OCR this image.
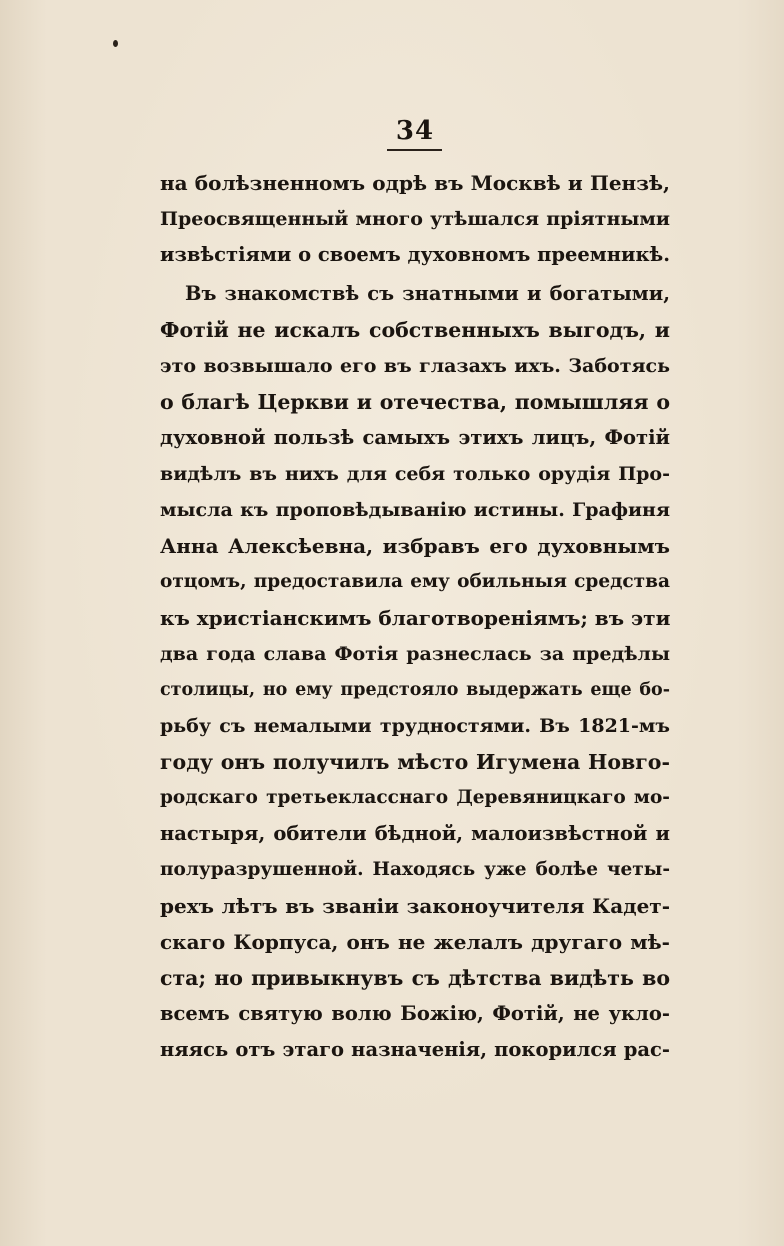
34
на болѣзненномъ одрѣ въ Москвѣ и Пензѣ,
Преосвященный много утѣшался пріятными
извѣстіями о своемъ духовномъ преемникѣ.
Въ знакомствѣ съ знатными и богатыми,
Фотій не искалъ собственныхъ выгодъ, и
это возвышало его въ глазахъ ихъ. Заботясь
о благѣ Церкви и отечества, помышляя о
духовной пользѣ самыхъ этихъ лицъ, Фотій
видѣлъ въ нихъ для себя только орудія Про-
мысла къ проповѣдыванію истины. Графиня
Анна Алексѣевна, избравъ его духовнымъ
отцомъ, предоставила ему обильныя средства
къ христіанскимъ благотвореніямъ; въ эти
два года слава Фотія разнеслась за предѣлы
столицы, но ему предстояло выдержать еще бо-
рьбу съ немалыми трудностями. Въ 1821-мъ
году онъ получилъ мѣсто Игумена Новго-
родскаго третьекласснаго Деревяницкаго мо-
настыря, обители бѣдной, малоизвѣстной и
полуразрушенной. Находясь уже болѣе четы-
рехъ лѣтъ въ званіи законоучителя Кадет-
скаго Корпуса, онъ не желалъ другаго мѣ-
ста; но привыкнувъ съ дѣтства видѣть во
всемъ святую волю Божію, Фотій, не укло-
няясь отъ этаго назначенія, покорился рас-
